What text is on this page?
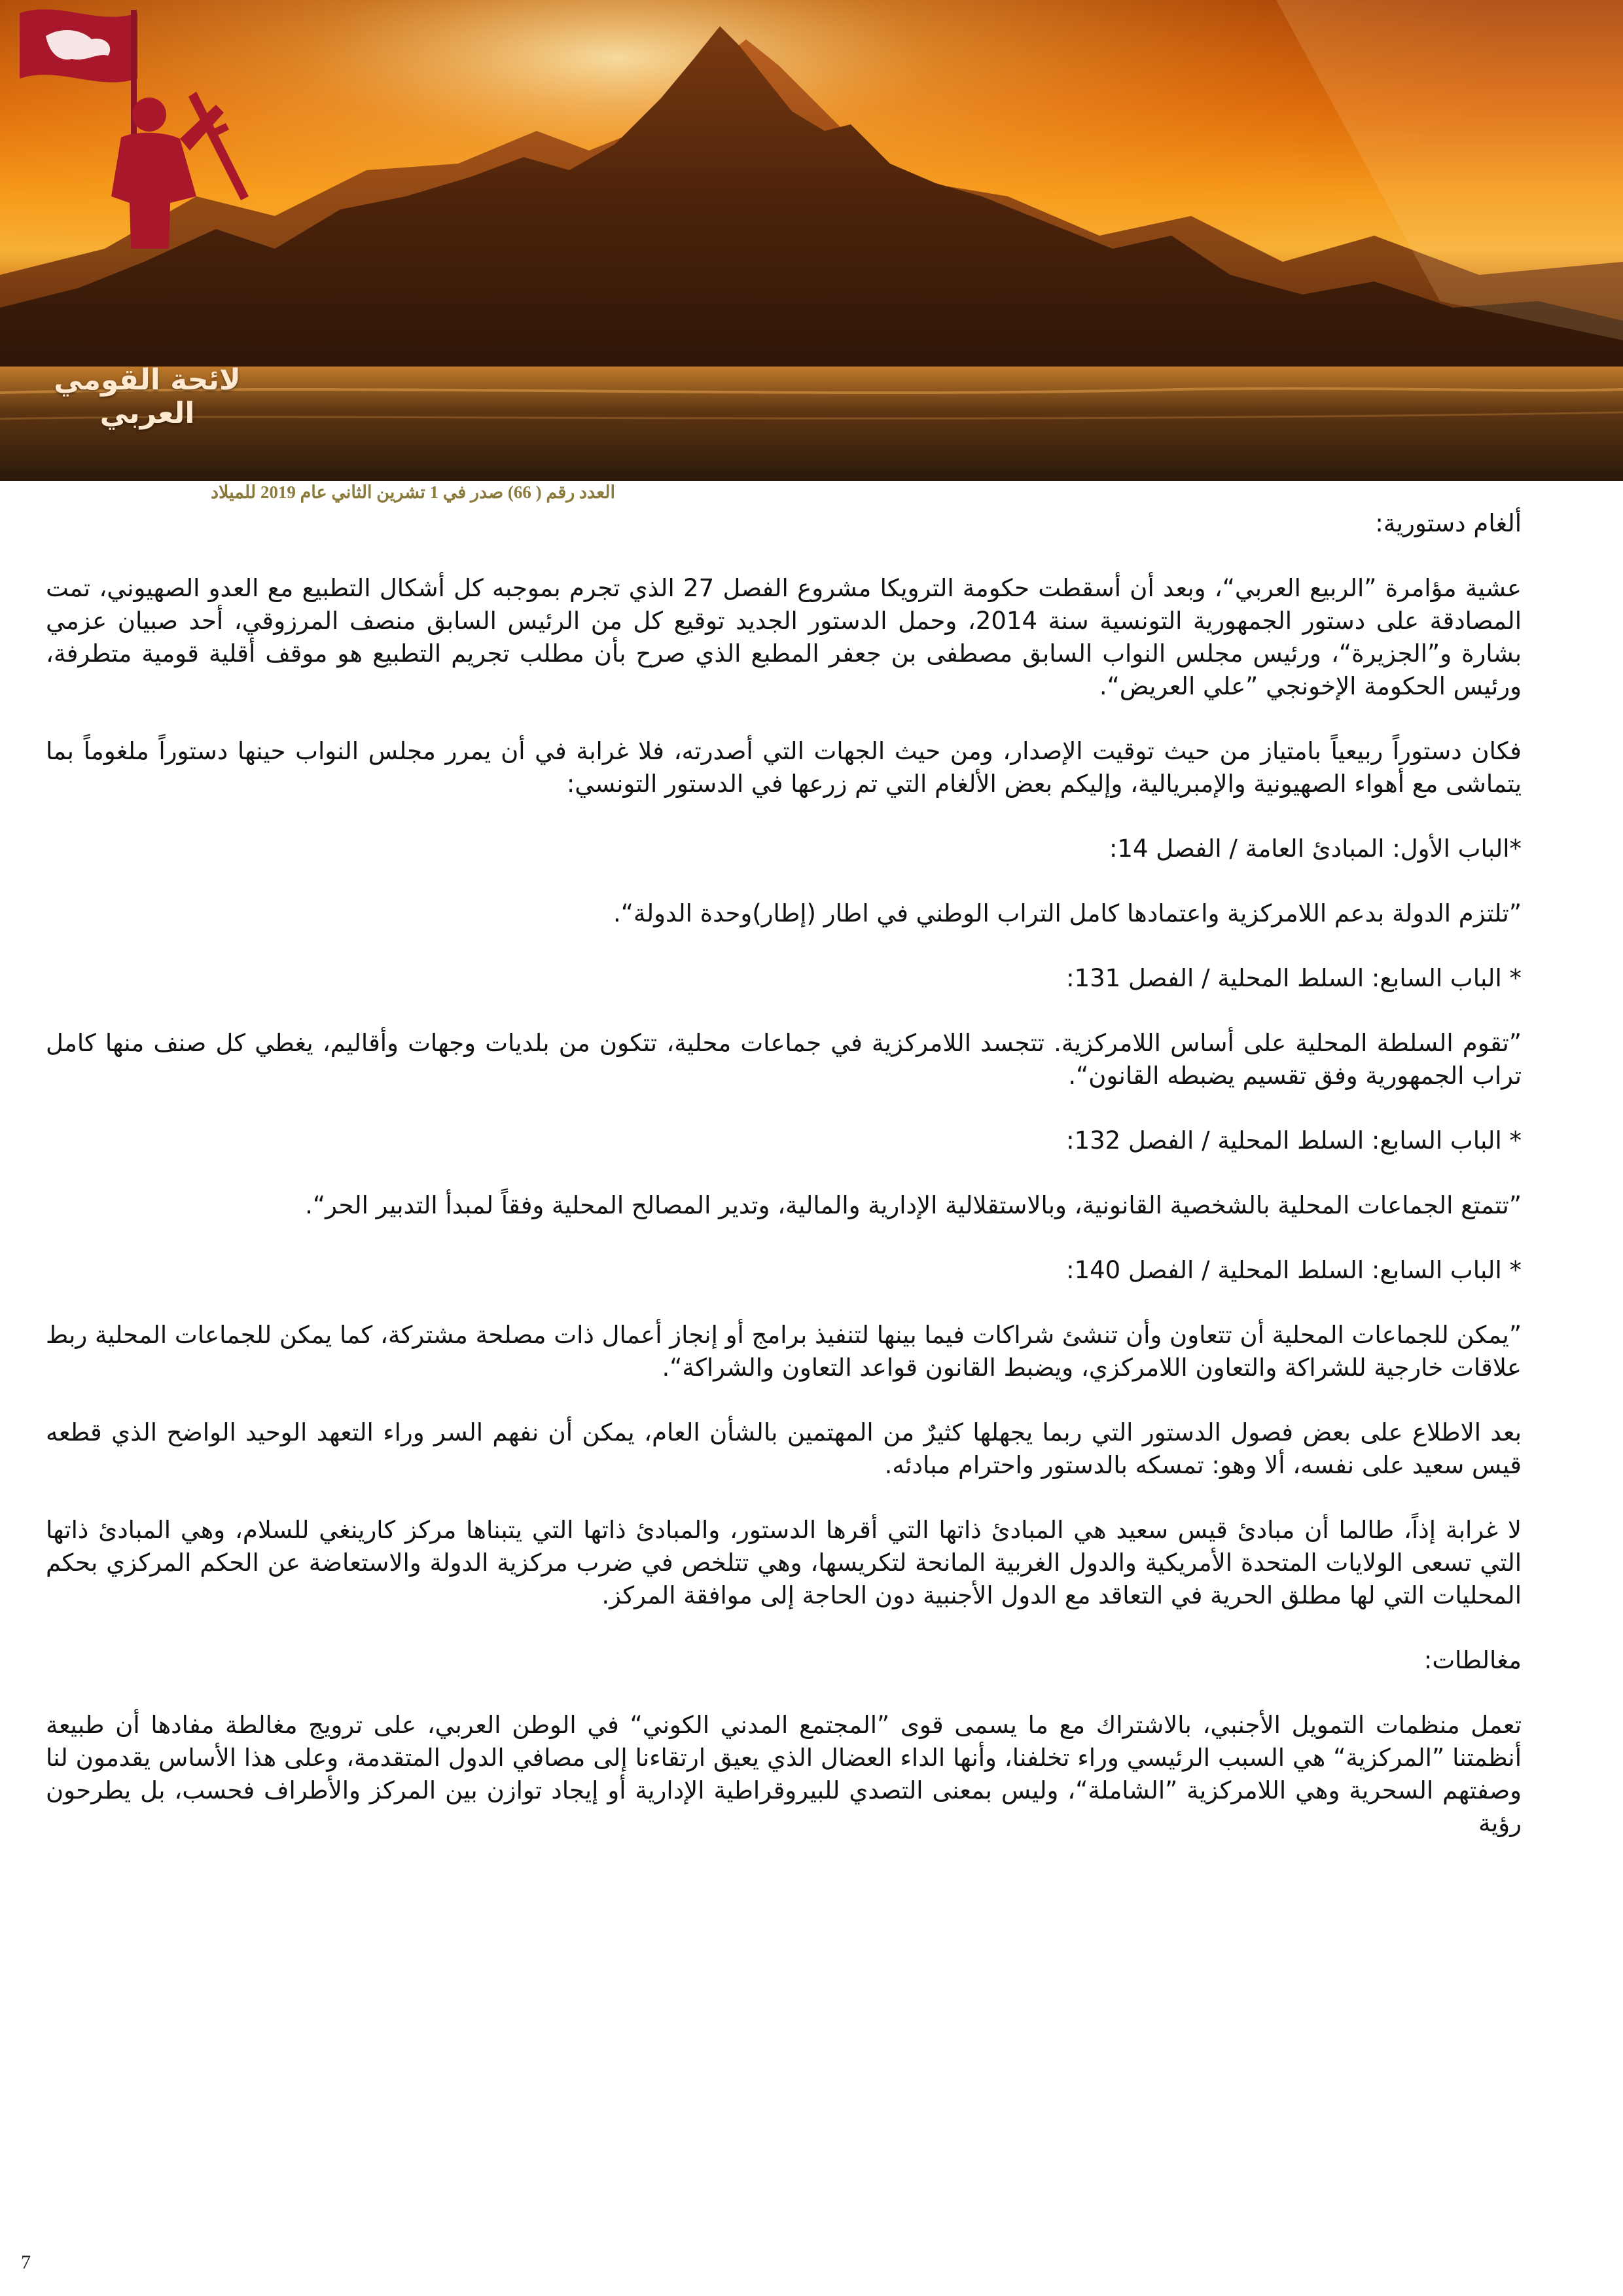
لائحة القومي العربي
العدد رقم ( 66) صدر في 1 تشرين الثاني عام 2019 للميلاد

ألغام دستورية:

عشية مؤامرة ”الربيع العربي“، وبعد أن أسقطت حكومة الترويكا مشروع الفصل 27 الذي تجرم بموجبه كل أشكال التطبيع مع العدو الصهيوني، تمت المصادقة على دستور الجمهورية التونسية سنة 2014، وحمل الدستور الجديد توقيع كل من الرئيس السابق منصف المرزوقي، أحد صبيان عزمي بشارة و”الجزيرة“، ورئيس مجلس النواب السابق مصطفى بن جعفر المطبع الذي صرح بأن مطلب تجريم التطبيع هو موقف أقلية قومية متطرفة، ورئيس الحكومة الإخونجي ”علي العريض“.

فكان دستوراً ربيعياً بامتياز من حيث توقيت الإصدار، ومن حيث الجهات التي أصدرته، فلا غرابة في أن يمرر مجلس النواب حينها دستوراً ملغوماً بما يتماشى مع أهواء الصهيونية والإمبريالية، وإليكم بعض الألغام التي تم زرعها في الدستور التونسي:

*الباب الأول: المبادئ العامة / الفصل 14:

”تلتزم الدولة بدعم اللامركزية واعتمادها كامل التراب الوطني في اطار (إطار)وحدة الدولة“.

* الباب السابع: السلط المحلية / الفصل 131:

”تقوم السلطة المحلية على أساس اللامركزية. تتجسد اللامركزية في جماعات محلية، تتكون من بلديات وجهات وأقاليم، يغطي كل صنف منها كامل تراب الجمهورية وفق تقسيم يضبطه القانون“.

* الباب السابع: السلط المحلية / الفصل 132:

”تتمتع الجماعات المحلية بالشخصية القانونية، وبالاستقلالية الإدارية والمالية، وتدير المصالح المحلية وفقاً لمبدأ التدبير الحر“.

* الباب السابع: السلط المحلية / الفصل 140:

”يمكن للجماعات المحلية أن تتعاون وأن تنشئ شراكات فيما بينها لتنفيذ برامج أو إنجاز أعمال ذات مصلحة مشتركة، كما يمكن للجماعات المحلية ربط علاقات خارجية للشراكة والتعاون اللامركزي، ويضبط القانون قواعد التعاون والشراكة“.

بعد الاطلاع على بعض فصول الدستور التي ربما يجهلها كثيرٌ من المهتمين بالشأن العام، يمكن أن نفهم السر وراء التعهد الوحيد الواضح الذي قطعه قيس سعيد على نفسه، ألا وهو: تمسكه بالدستور واحترام مبادئه.

لا غرابة إذاً، طالما أن مبادئ قيس سعيد هي المبادئ ذاتها التي أقرها الدستور، والمبادئ ذاتها التي يتبناها مركز كارينغي للسلام، وهي المبادئ ذاتها التي تسعى الولايات المتحدة الأمريكية والدول الغربية المانحة لتكريسها، وهي تتلخص في ضرب مركزية الدولة والاستعاضة عن الحكم المركزي بحكم المحليات التي لها مطلق الحرية في التعاقد مع الدول الأجنبية دون الحاجة إلى موافقة المركز.

مغالطات:

تعمل منظمات التمويل الأجنبي، بالاشتراك مع ما يسمى قوى ”المجتمع المدني الكوني“ في الوطن العربي، على ترويج مغالطة مفادها أن طبيعة أنظمتنا ”المركزية“ هي السبب الرئيسي وراء تخلفنا، وأنها الداء العضال الذي يعيق ارتقاءنا إلى مصافي الدول المتقدمة، وعلى هذا الأساس يقدمون لنا وصفتهم السحرية وهي اللامركزية ”الشاملة“، وليس بمعنى التصدي للبيروقراطية الإدارية أو إيجاد توازن بين المركز والأطراف فحسب، بل يطرحون رؤية

7
